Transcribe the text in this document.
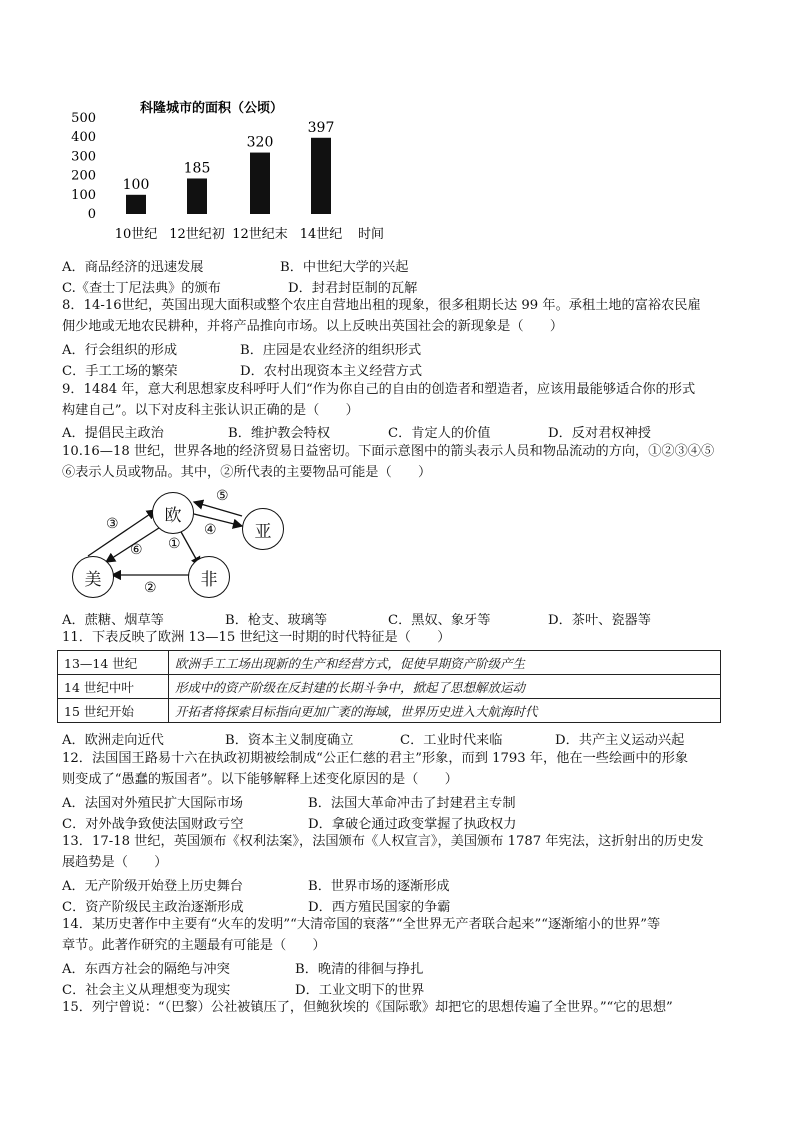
科隆城市的面积（公顷）
0
100
200
300
400
500
100
185
320
397
10世纪 12世纪初 12世纪末 14世纪 时间
A．商品经济的迅速发展	B．中世纪大学的兴起
C.《查士丁尼法典》的颁布	D．封君封臣制的瓦解
8．14-16世纪，英国出现大面积或整个农庄自营地出租的现象，很多租期长达 99 年。承租土地的富裕农民雇
佣少地或无地农民耕种，并将产品推向市场。以上反映出英国社会的新现象是（　　）
A．行会组织的形成	B．庄园是农业经济的组织形式
C．手工工场的繁荣	D．农村出现资本主义经营方式
9．1484 年，意大利思想家皮科呼吁人们“作为你自己的自由的创造者和塑造者，应该用最能够适合你的形式
构建自己”。以下对皮科主张认识正确的是（　　）
A．提倡民主政治	B．维护教会特权	C．肯定人的价值	D．反对君权神授
10.16—18 世纪，世界各地的经济贸易日益密切。下面示意图中的箭头表示人员和物品流动的方向，①②③④⑤
⑥表示人员或物品。其中，②所代表的主要物品可能是（　　）
欧
亚
美	非
①
②
③	④
⑤
⑥
A．蔗糖、烟草等	B．枪支、玻璃等	C．黑奴、象牙等	D．茶叶、瓷器等
11．下表反映了欧洲 13—15 世纪这一时期的时代特征是（　　）
13—14 世纪	欧洲手工工场出现新的生产和经营方式，促使早期资产阶级产生
14 世纪中叶	形成中的资产阶级在反封建的长期斗争中，掀起了思想解放运动
15 世纪开始	开拓者将探索目标指向更加广袤的海域，世界历史进入大航海时代
A．欧洲走向近代	B．资本主义制度确立	C．工业时代来临	D．共产主义运动兴起
12．法国国王路易十六在执政初期被绘制成“公正仁慈的君主”形象，而到 1793 年，他在一些绘画中的形象
则变成了“愚蠢的叛国者”。以下能够解释上述变化原因的是（　　）
A．法国对外殖民扩大国际市场	B．法国大革命冲击了封建君主专制
C．对外战争致使法国财政亏空	D．拿破仑通过政变掌握了执政权力
13．17-18 世纪，英国颁布《权利法案》，法国颁布《人权宣言》，美国颁布 1787 年宪法，这折射出的历史发
展趋势是（　　）
A．无产阶级开始登上历史舞台	B．世界市场的逐渐形成
C．资产阶级民主政治逐渐形成	D．西方殖民国家的争霸
14．某历史著作中主要有“火车的发明”“大清帝国的衰落”“全世界无产者联合起来”“逐渐缩小的世界”等
章节。此著作研究的主题最有可能是（　　）
A．东西方社会的隔绝与冲突	B．晚清的徘徊与挣扎
C．社会主义从理想变为现实	D．工业文明下的世界
15．列宁曾说：“（巴黎）公社被镇压了，但鲍狄埃的《国际歌》却把它的思想传遍了全世界。”“它的思想”
